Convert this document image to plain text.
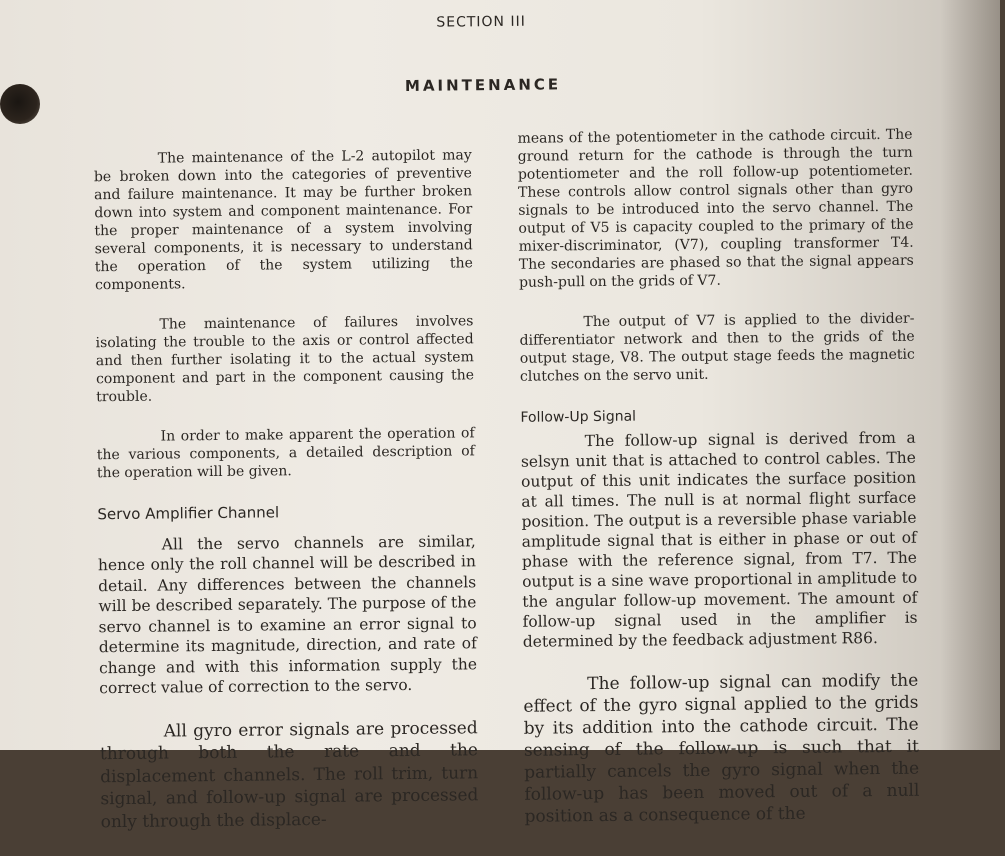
SECTION III
MAINTENANCE

The maintenance of the L-2 autopilot may be broken down into the categories of preventive and failure maintenance. It may be further broken down into system and component maintenance. For the proper maintenance of a system involving several components, it is necessary to understand the operation of the system utilizing the components.

The maintenance of failures involves isolating the trouble to the axis or control affected and then further isolating it to the actual system component and part in the component causing the trouble.

In order to make apparent the operation of the various components, a detailed description of the operation will be given.

Servo Amplifier Channel

All the servo channels are similar, hence only the roll channel will be described in detail. Any differences between the channels will be described separately. The purpose of the servo channel is to examine an error signal to determine its magnitude, direction, and rate of change and with this information supply the correct value of correction to the servo.

All gyro error signals are processed through both the rate and the displacement channels. The roll trim, turn signal, and follow-up signal are processed only through the displace-

means of the potentiometer in the cathode circuit. The ground return for the cathode is through the turn potentiometer and the roll follow-up potentiometer. These controls allow control signals other than gyro signals to be introduced into the servo channel. The output of V5 is capacity coupled to the primary of the mixer-discriminator, (V7), coupling transformer T4. The secondaries are phased so that the signal appears push-pull on the grids of V7.

The output of V7 is applied to the divider-differentiator network and then to the grids of the output stage, V8. The output stage feeds the magnetic clutches on the servo unit.

Follow-Up Signal

The follow-up signal is derived from a selsyn unit that is attached to control cables. The output of this unit indicates the surface position at all times. The null is at normal flight surface position. The output is a reversible phase variable amplitude signal that is either in phase or out of phase with the reference signal, from T7. The output is a sine wave proportional in amplitude to the angular follow-up movement. The amount of follow-up signal used in the amplifier is determined by the feedback adjustment R86.

The follow-up signal can modify the effect of the gyro signal applied to the grids by its addition into the cathode circuit. The sensing of the follow-up is such that it partially cancels the gyro signal when the follow-up has been moved out of a null position as a consequence of the
